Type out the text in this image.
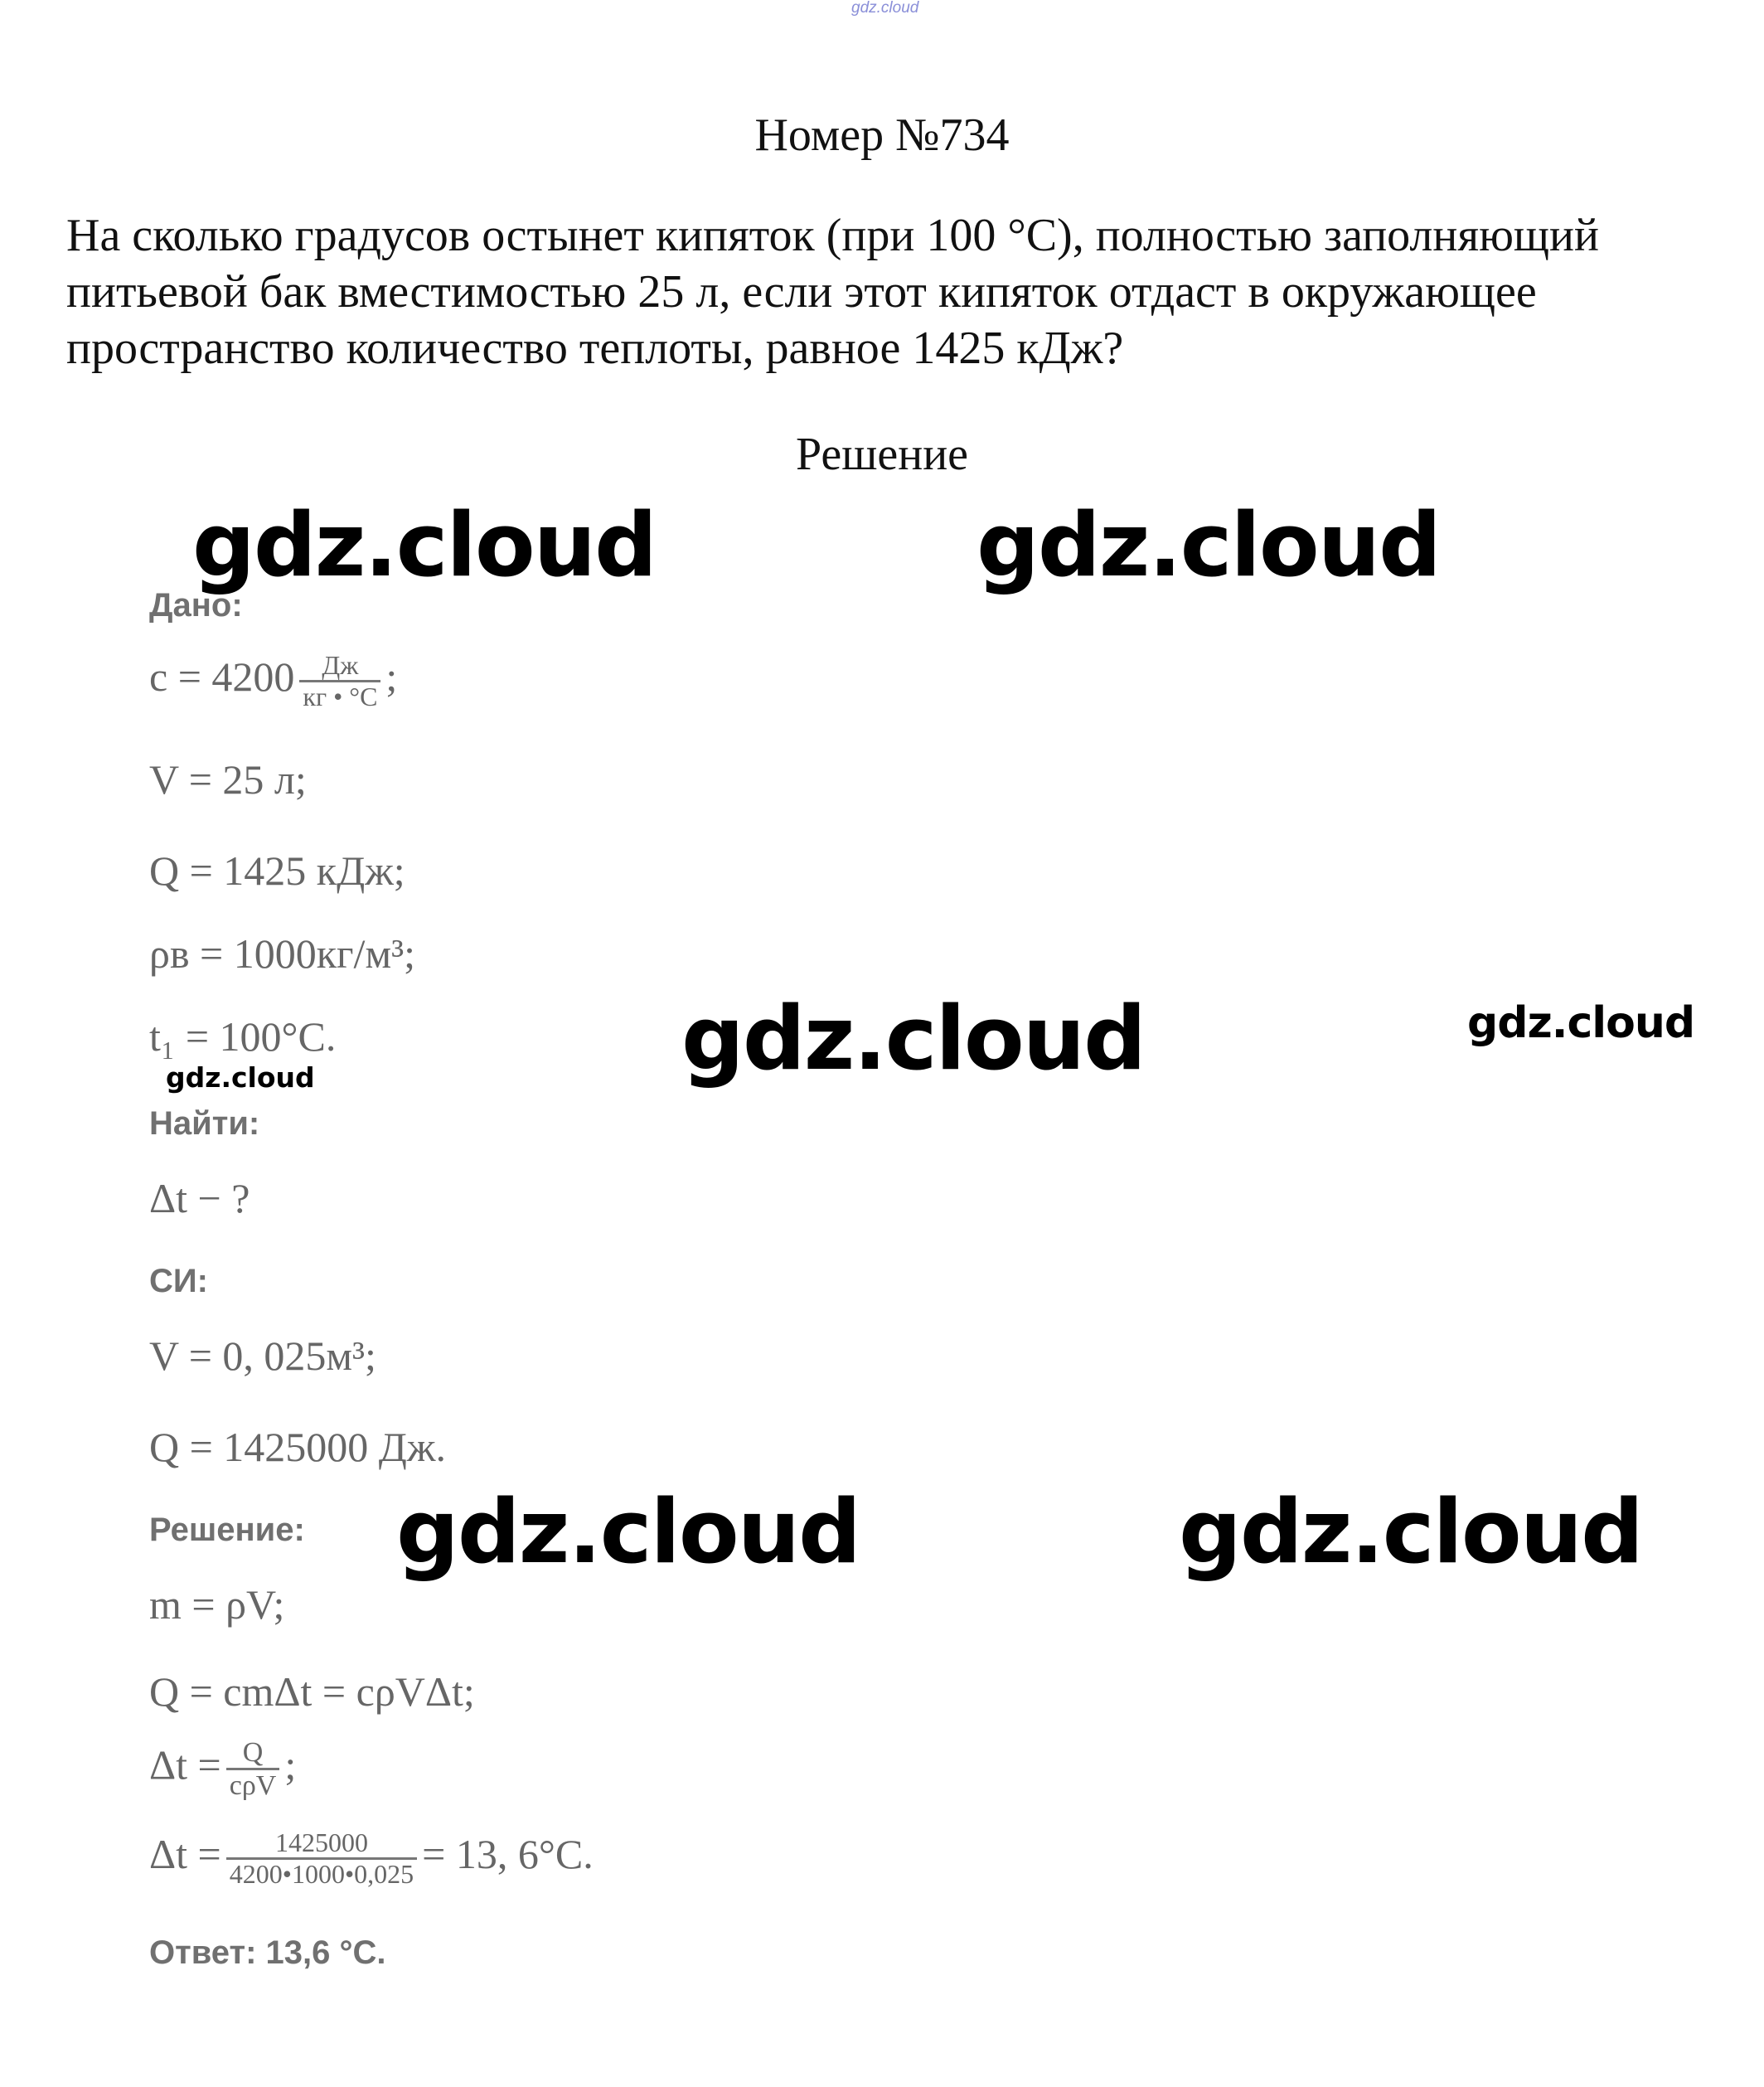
gdz.cloud
Номер №734

На сколько градусов остынет кипяток (при 100 °C), полностью заполняющий питьевой бак вместимостью 25 л, если этот кипяток отдаст в окружающее пространство количество теплоты, равное 1425 кДж?

Решение
Дано:
$c = 4200 \frac{Дж}{кг • ^\circ C}$ ;
V = 25 л;
Q = 1425 кДж;
ρв = 1000кг/м³;
t₁ = 100°C.
Найти:
Δt − ?
СИ:
V = 0, 025м³;
Q = 1425000 Дж.
Решение:
m = ρV;
Q = cmΔt = cρVΔt;
$\Delta t = \frac{Q}{\text{cρV}}$ ;
$\Delta t = \frac{1425000}{4200•1000•0,025} = 13$, 6°C.
Ответ: 13,6 °C.
gdz.cloud	gdz.cloud
gdz.cloud	gdz.cloud
gdz.cloud
gdz.cloud	gdz.cloud
